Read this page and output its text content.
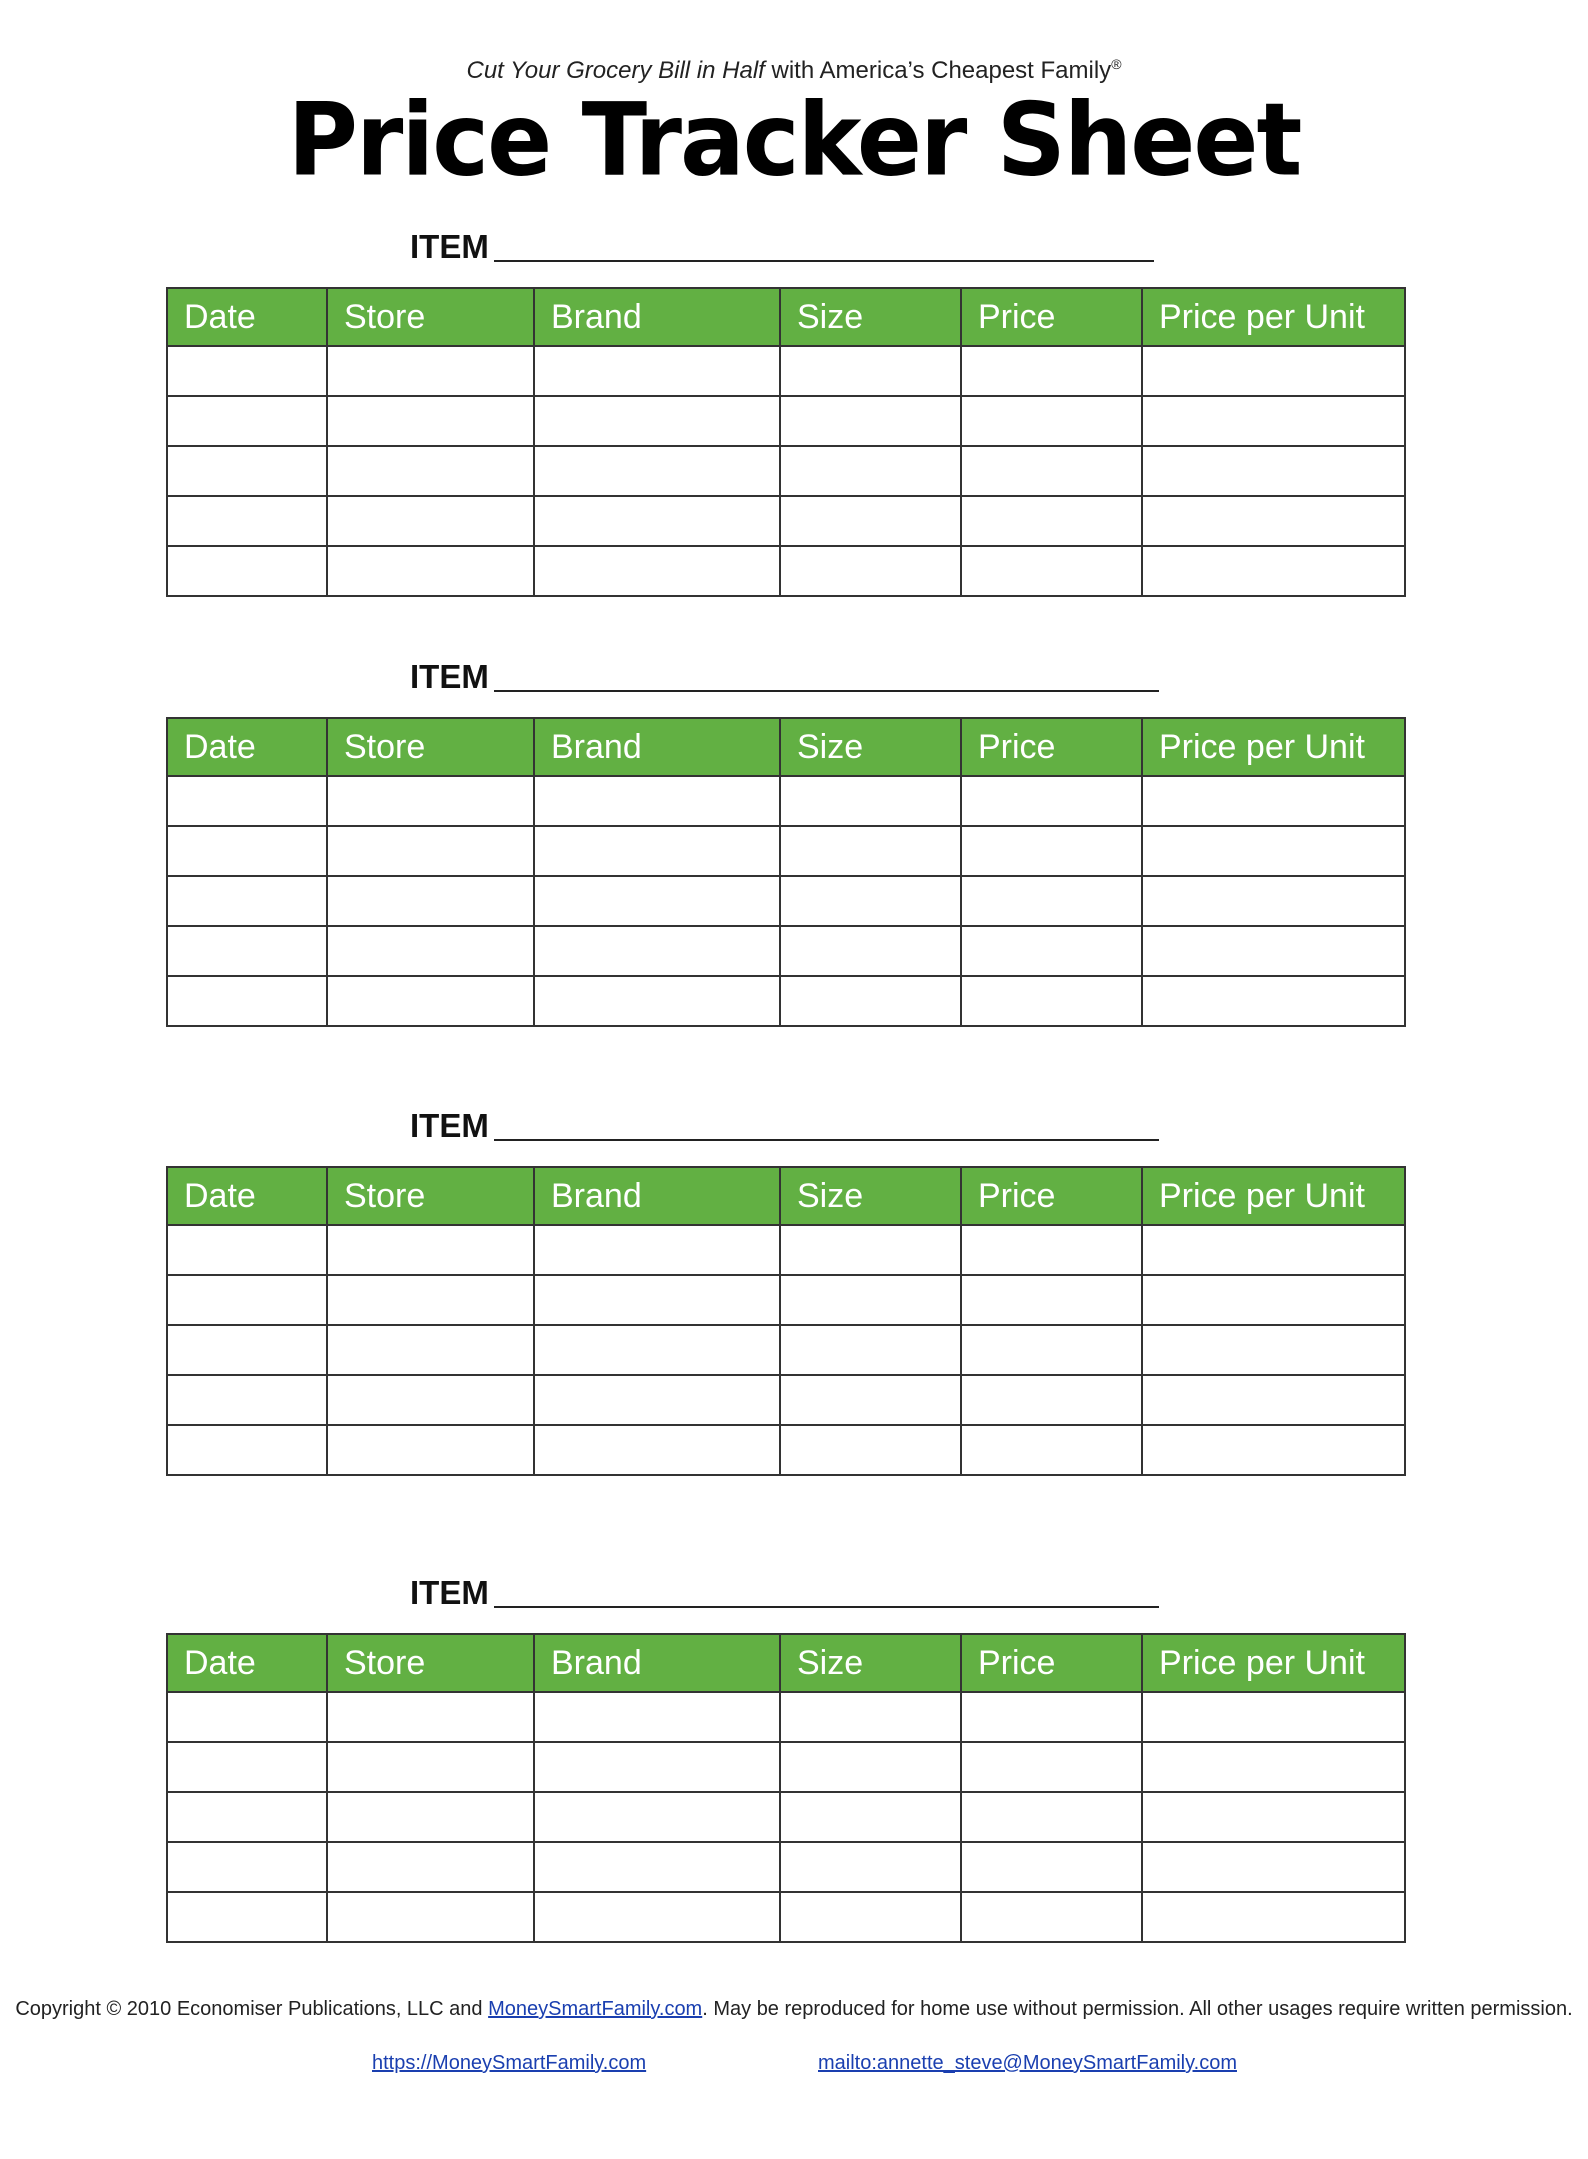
Cut Your Grocery Bill in Half with America’s Cheapest Family®
Price Tracker Sheet
ITEM
Date	Store	Brand	Size	Price	Price per Unit

ITEM
Date	Store	Brand	Size	Price	Price per Unit

ITEM
Date	Store	Brand	Size	Price	Price per Unit

ITEM
Date	Store	Brand	Size	Price	Price per Unit

Copyright © 2010 Economiser Publications, LLC and MoneySmartFamily.com. May be reproduced for home use without permission. All other usages require written permission.
https://MoneySmartFamily.com	mailto:annette_steve@MoneySmartFamily.com
